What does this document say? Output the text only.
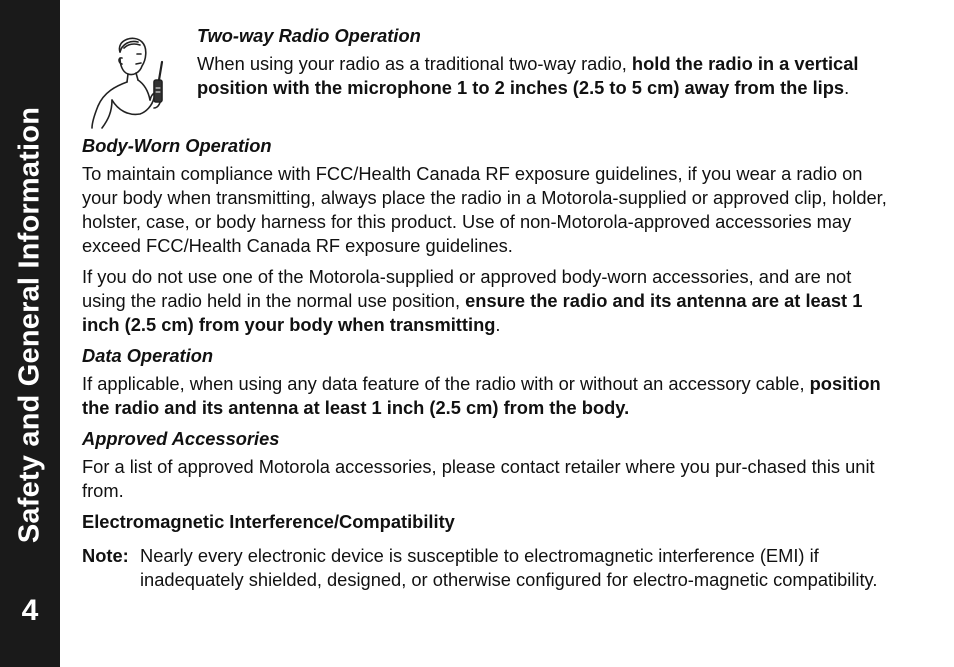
Safety and General Information
4
Two-way Radio Operation

When using your radio as a traditional two-way radio, hold the radio in a vertical position with the microphone 1 to 2 inches (2.5 to 5 cm) away from the lips.

Body-Worn Operation

To maintain compliance with FCC/Health Canada RF exposure guidelines, if you wear a radio on your body when transmitting, always place the radio in a Motorola-supplied or approved clip, holder, holster, case, or body harness for this product. Use of non-Motorola-approved accessories may exceed FCC/Health Canada RF exposure guidelines.

If you do not use one of the Motorola-supplied or approved body-worn accessories, and are not using the radio held in the normal use position, ensure the radio and its antenna are at least 1 inch (2.5 cm) from your body when transmitting.

Data Operation

If applicable, when using any data feature of the radio with or without an accessory cable, position the radio and its antenna at least 1 inch (2.5 cm) from the body.

Approved Accessories

For a list of approved Motorola accessories, please contact retailer where you pur-chased this unit from.

Electromagnetic Interference/Compatibility
Note: Nearly every electronic device is susceptible to electromagnetic interference (EMI) if inadequately shielded, designed, or otherwise configured for electro-magnetic compatibility.
